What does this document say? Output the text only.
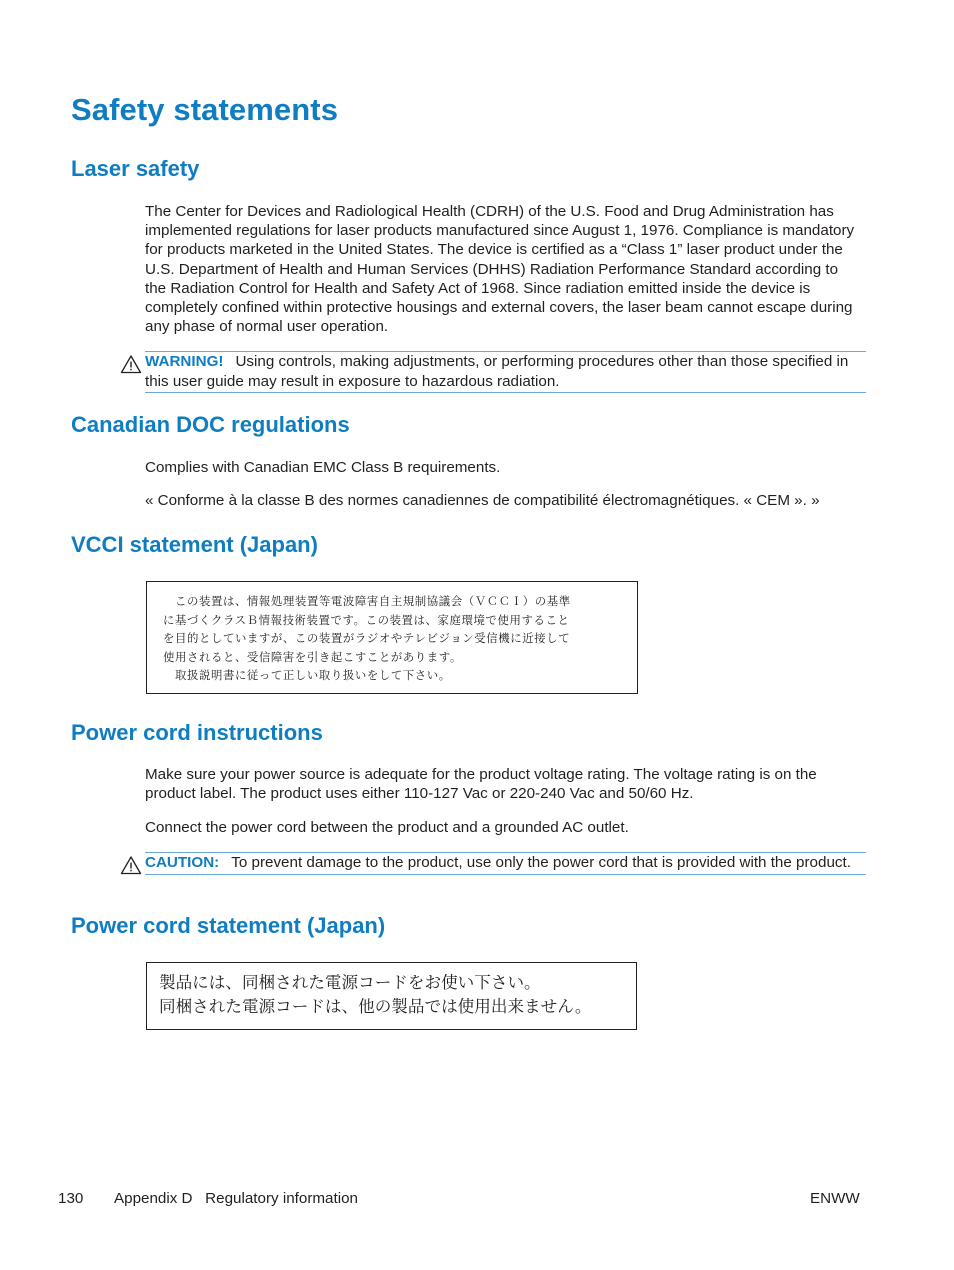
Safety statements
Laser safety

The Center for Devices and Radiological Health (CDRH) of the U.S. Food and Drug Administration has implemented regulations for laser products manufactured since August 1, 1976. Compliance is mandatory for products marketed in the United States. The device is certified as a “Class 1” laser product under the U.S. Department of Health and Human Services (DHHS) Radiation Performance Standard according to the Radiation Control for Health and Safety Act of 1968. Since radiation emitted inside the device is completely confined within protective housings and external covers, the laser beam cannot escape during any phase of normal user operation.

WARNING! Using controls, making adjustments, or performing procedures other than those specified in this user guide may result in exposure to hazardous radiation.
Canadian DOC regulations

Complies with Canadian EMC Class B requirements.

« Conforme à la classe B des normes canadiennes de compatibilité électromagnétiques. « CEM ». »

VCCI statement (Japan)
　この装置は、情報処理装置等電波障害自主規制協議会（ＶＣＣＩ）の基準
に基づくクラスＢ情報技術装置です。この装置は、家庭環境で使用すること
を目的としていますが、この装置がラジオやテレビジョン受信機に近接して
使用されると、受信障害を引き起こすことがあります。
　取扱説明書に従って正しい取り扱いをして下さい。
Power cord instructions

Make sure your power source is adequate for the product voltage rating. The voltage rating is on the product label. The product uses either 110-127 Vac or 220-240 Vac and 50/60 Hz.

Connect the power cord between the product and a grounded AC outlet.

CAUTION: To prevent damage to the product, use only the power cord that is provided with the product.
Power cord statement (Japan)
製品には、同梱された電源コードをお使い下さい。
同梱された電源コードは、他の製品では使用出来ません。
130 Appendix D   Regulatory information	ENWW
